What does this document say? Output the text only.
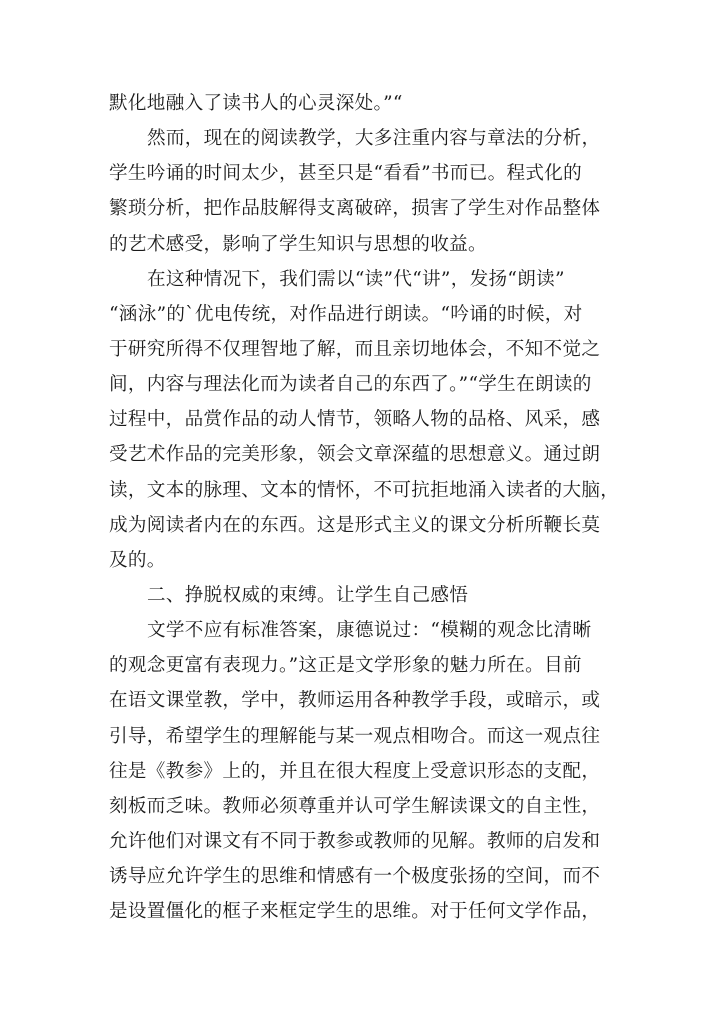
默化地融入了读书人的心灵深处。”“
然而，现在的阅读教学，大多注重内容与章法的分析，
学生吟诵的时间太少，甚至只是“看看”书而已。程式化的
繁琐分析，把作品肢解得支离破碎，损害了学生对作品整体
的艺术感受，影响了学生知识与思想的收益。
在这种情况下，我们需以“读”代“讲”，发扬“朗读”
“涵泳”的`优电传统，对作品进行朗读。“吟诵的时候，对
于研究所得不仅理智地了解，而且亲切地体会，不知不觉之
间，内容与理法化而为读者自己的东西了。”“学生在朗读的
过程中，品赏作品的动人情节，领略人物的品格、风采，感
受艺术作品的完美形象，领会文章深蕴的思想意义。通过朗
读，文本的脉理、文本的情怀，不可抗拒地涌入读者的大脑，
成为阅读者内在的东西。这是形式主义的课文分析所鞭长莫
及的。
二、挣脱权威的束缚。让学生自己感悟
文学不应有标准答案，康德说过：“模糊的观念比清晰
的观念更富有表现力。”这正是文学形象的魅力所在。目前
在语文课堂教，学中，教师运用各种教学手段，或暗示，或
引导，希望学生的理解能与某一观点相吻合。而这一观点往
往是《教参》上的，并且在很大程度上受意识形态的支配，
刻板而乏味。教师必须尊重并认可学生解读课文的自主性，
允许他们对课文有不同于教参或教师的见解。教师的启发和
诱导应允许学生的思维和情感有一个极度张扬的空间，而不
是设置僵化的框子来框定学生的思维。对于任何文学作品，
